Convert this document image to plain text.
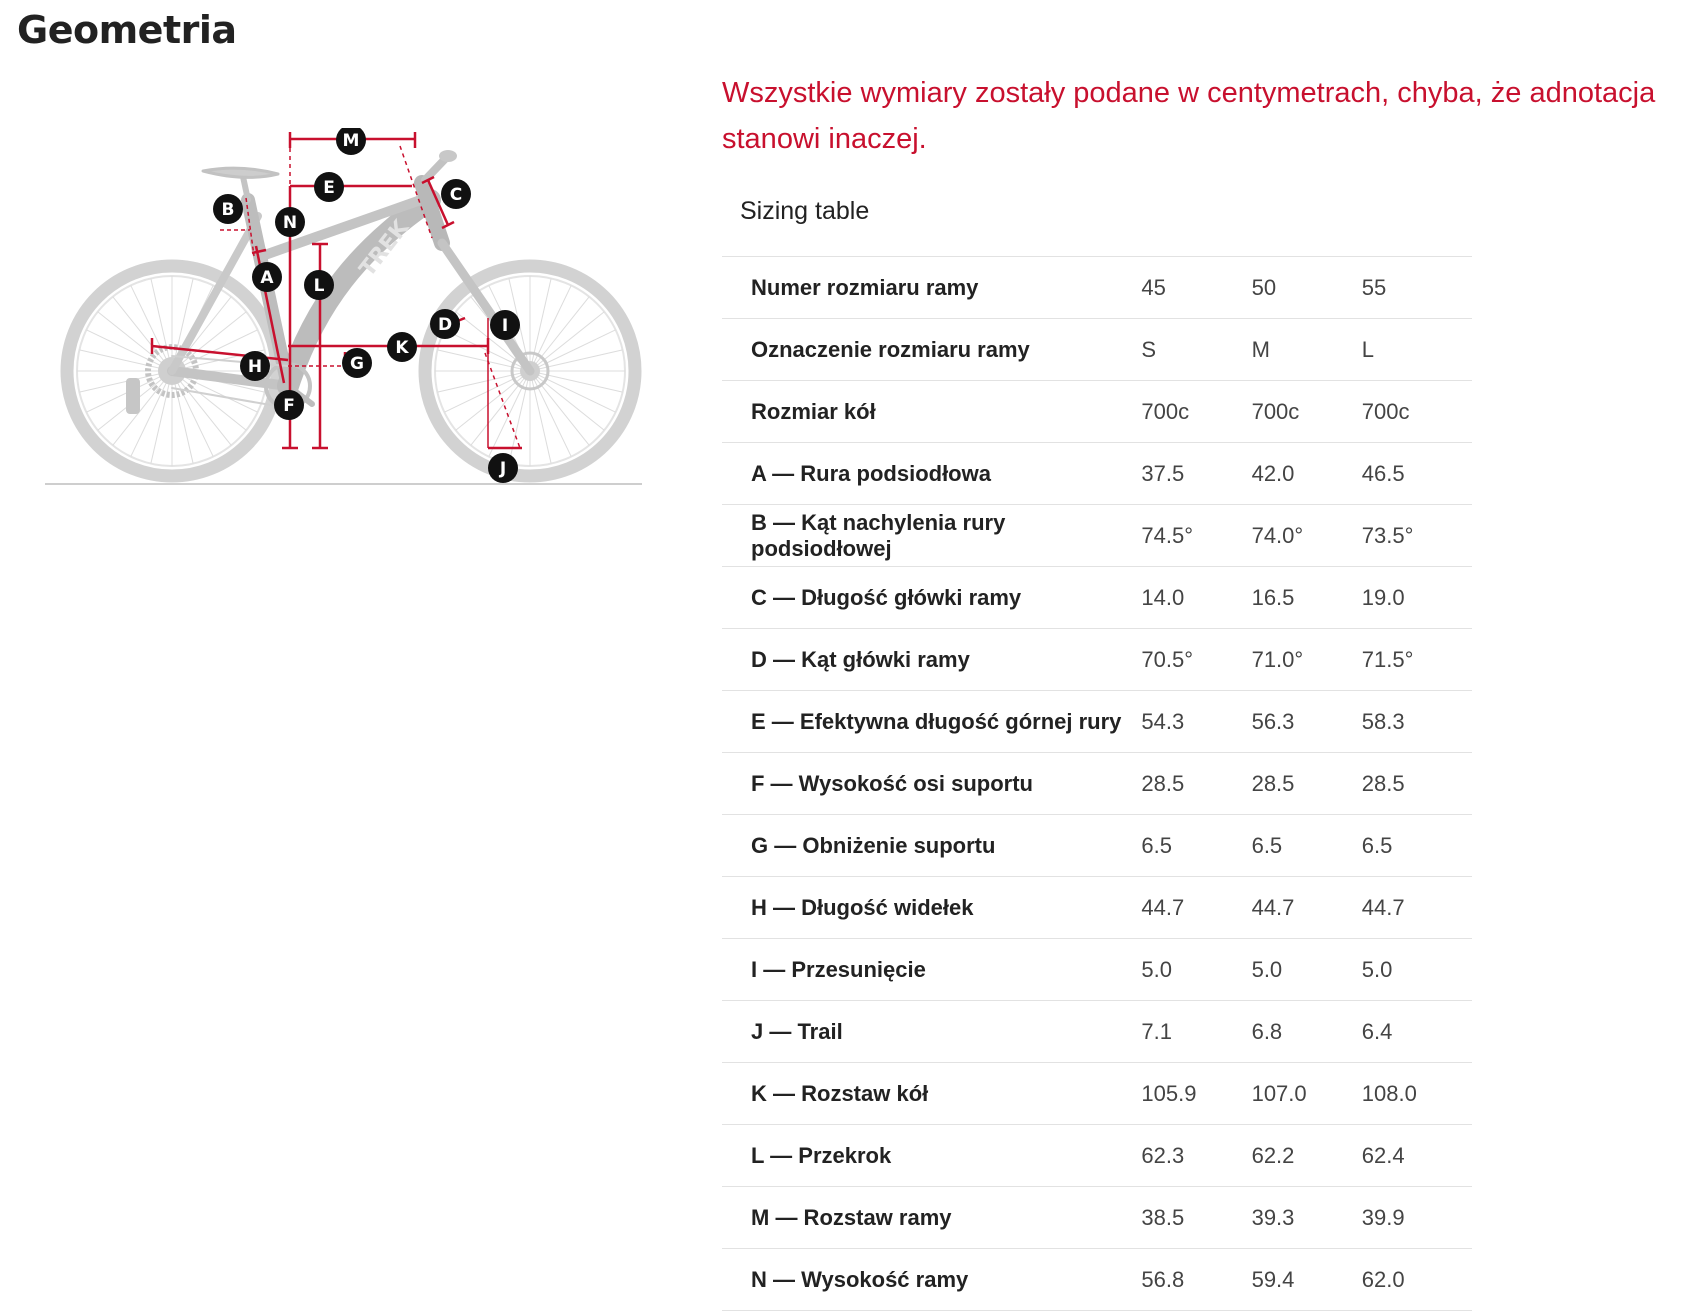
Geometria
TREK
M
E	C
B
N
A L
D	I
K
G
H
F
J

Wszystkie wymiary zostały podane w centymetrach, chyba, że adnotacja stanowi inaczej.

Sizing table
Numer rozmiaru ramy	45	50	55
Oznaczenie rozmiaru ramy	S	M	L
Rozmiar kół	700c	700c	700c
A — Rura podsiodłowa	37.5	42.0	46.5
B — Kąt nachylenia rury podsiodłowej	74.5°	74.0°	73.5°
C — Długość główki ramy	14.0	16.5	19.0
D — Kąt główki ramy	70.5°	71.0°	71.5°
E — Efektywna długość górnej rury	54.3	56.3	58.3
F — Wysokość osi suportu	28.5	28.5	28.5
G — Obniżenie suportu	6.5	6.5	6.5
H — Długość widełek	44.7	44.7	44.7
I — Przesunięcie	5.0	5.0	5.0
J — Trail	7.1	6.8	6.4
K — Rozstaw kół	105.9	107.0	108.0
L — Przekrok	62.3	62.2	62.4
M — Rozstaw ramy	38.5	39.3	39.9
N — Wysokość ramy	56.8	59.4	62.0
